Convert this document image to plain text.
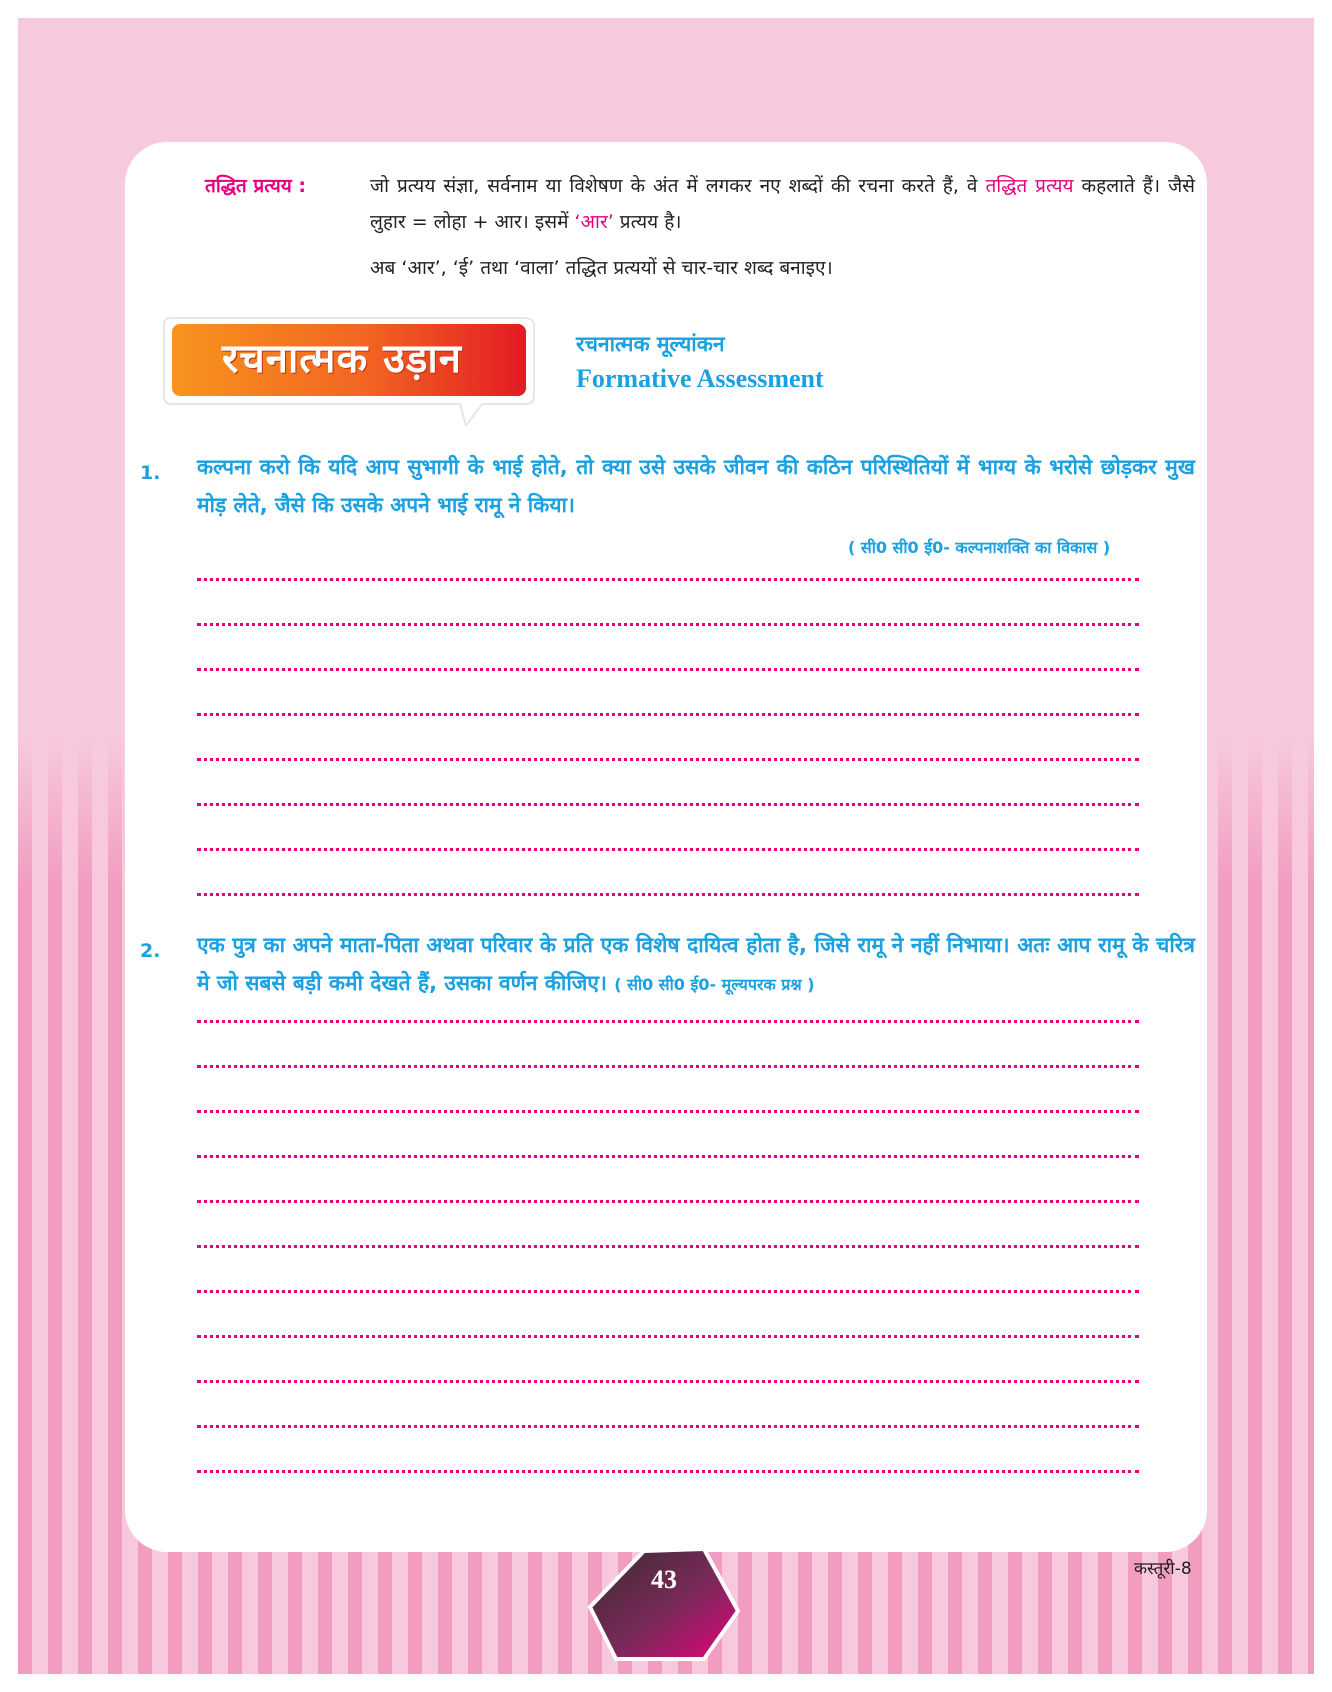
तद्धित प्रत्यय :	जो प्रत्यय संज्ञा, सर्वनाम या विशेषण के अंत में लगकर नए शब्दों की रचना करते हैं, वे तद्धित प्रत्यय कहलाते हैं। जैसे लुहार = लोहा + आर। इसमें ‘आर’ प्रत्यय है।
अब ‘आर’, ‘ई’ तथा ‘वाला’ तद्धित प्रत्ययों से चार-चार शब्द बनाइए।
रचनात्मक उड़ान	रचनात्मक मूल्यांकन
Formative Assessment
1. कल्पना करो कि यदि आप सुभागी के भाई होते, तो क्या उसे उसके जीवन की कठिन परिस्थितियों में भाग्य के भरोसे छोड़कर मुख मोड़ लेते, जैसे कि उसके अपने भाई रामू ने किया।
( सी0 सी0 ई0- कल्पनाशक्ति का विकास )
2. एक पुत्र का अपने माता-पिता अथवा परिवार के प्रति एक विशेष दायित्व होता है, जिसे रामू ने नहीं निभाया। अतः आप रामू के चरित्र मे जो सबसे बड़ी कमी देखते हैं, उसका वर्णन कीजिए। ( सी0 सी0 ई0- मूल्यपरक प्रश्न )
43	कस्तूरी-8
